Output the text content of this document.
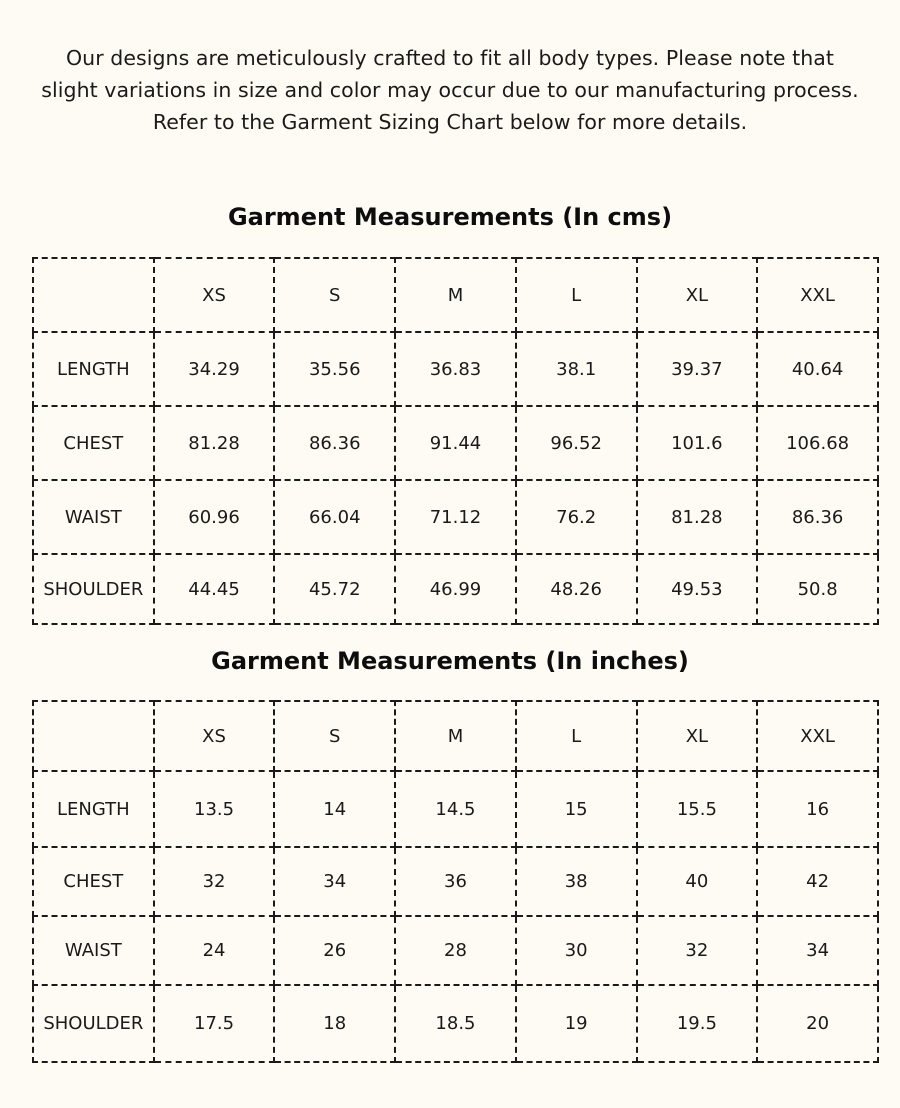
Our designs are meticulously crafted to fit all body types. Please note that slight variations in size and color may occur due to our manufacturing process. Refer to the Garment Sizing Chart below for more details.

Garment Measurements (In cms)
	XS	S	M	L	XL	XXL
LENGTH	34.29	35.56	36.83	38.1	39.37	40.64
CHEST	81.28	86.36	91.44	96.52	101.6	106.68
WAIST	60.96	66.04	71.12	76.2	81.28	86.36
SHOULDER	44.45	45.72	46.99	48.26	49.53	50.8
Garment Measurements (In inches)
	XS	S	M	L	XL	XXL
LENGTH	13.5	14	14.5	15	15.5	16
CHEST	32	34	36	38	40	42
WAIST	24	26	28	30	32	34
SHOULDER	17.5	18	18.5	19	19.5	20
